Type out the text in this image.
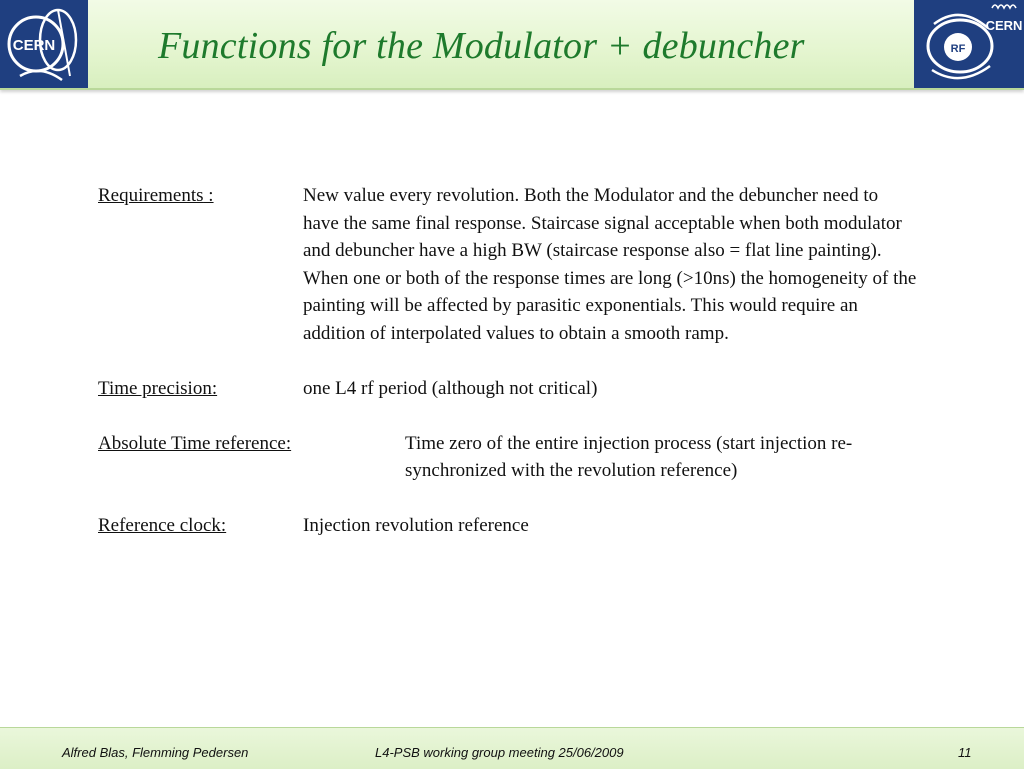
CERN	Functions for the Modulator + debuncher	RF
CERN
Requirements :	New value every revolution. Both the Modulator and the debuncher need to have the same final response. Staircase signal acceptable when both modulator and debuncher have a high BW (staircase response also = flat line painting). When one or both of the response times are long (>10ns) the homogeneity of the painting will be affected by parasitic exponentials. This would require an addition of interpolated values to obtain a smooth ramp.
Time precision:	one L4 rf period (although not critical)
Absolute Time reference:	Time zero of the entire injection process (start injection re-synchronized with the revolution reference)
Reference clock:	Injection revolution reference
Alfred Blas, Flemming Pedersen	L4-PSB working group meeting 25/06/2009	11
